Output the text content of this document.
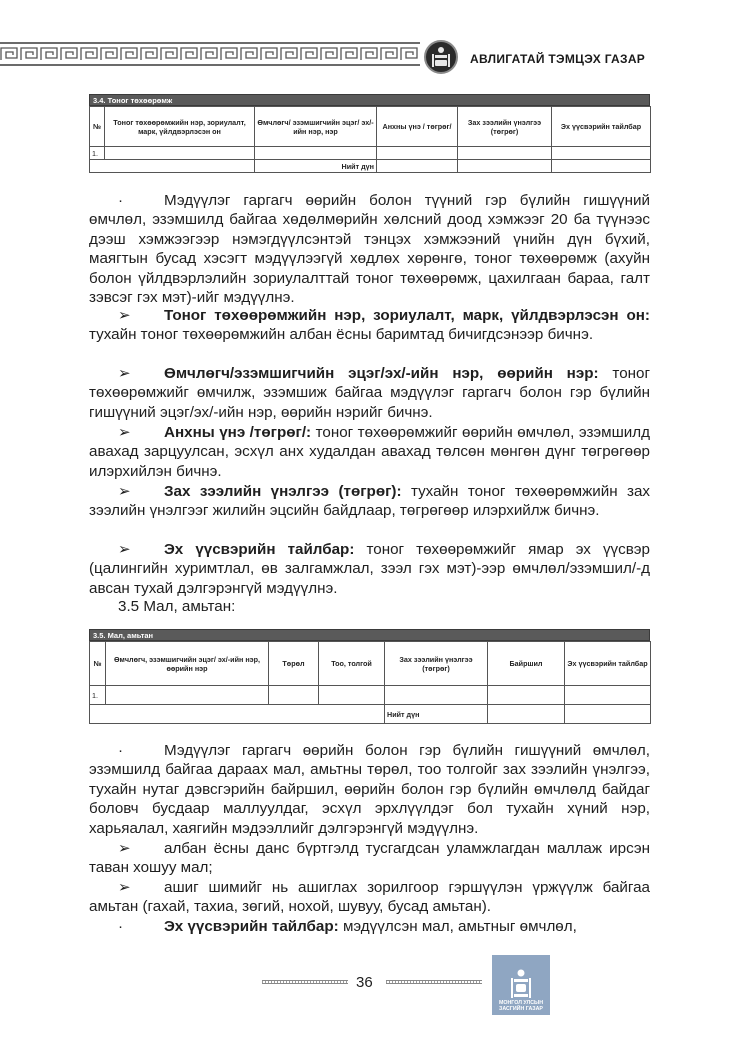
АВЛИГАТАЙ ТЭМЦЭХ ГАЗАР
3.4. Тоног төхөөрөмж
№	Тоног төхөөрөмжийн нэр, зориулалт, марк, үйлдвэрлэсэн он	Өмчлөгч/ эзэмшигчийн эцэг/ эх/-ийн нэр, нэр	Анхны үнэ / төгрөг/	Зах зээлийн үнэлгээ (төгрөг)	Эх үүсвэрийн тайлбар
1.					
		Нийт дүн			
·	Мэдүүлэг гаргагч өөрийн болон түүний гэр бүлийн гишүүний өмчлөл, эзэмшилд байгаа хөдөлмөрийн хөлсний доод хэмжээг 20 ба түүнээс дээш хэмжээгээр нэмэгдүүлсэнтэй тэнцэх хэмжээний үнийн дүн бүхий, маягтын бусад хэсэгт мэдүүлээгүй хөдлөх хөрөнгө, тоног төхөөрөмж (ахуйн болон үйлдвэрлэлийн зориулалттай тоног төхөөрөмж, цахилгаан бараа, галт зэвсэг гэх мэт)-ийг мэдүүлнэ.
➢ Тоног төхөөрөмжийн нэр, зориулалт, марк, үйлдвэрлэсэн он: тухайн тоног төхөөрөмжийн албан ёсны баримтад бичигдсэнээр бичнэ.
➢ Өмчлөгч/эзэмшигчийн эцэг/эх/-ийн нэр, өөрийн нэр: тоног төхөөрөмжийг өмчилж, эзэмшиж байгаа мэдүүлэг гаргагч болон гэр бүлийн гишүүний эцэг/эх/-ийн нэр, өөрийн нэрийг бичнэ.
➢ Анхны үнэ /төгрөг/: тоног төхөөрөмжийг өөрийн өмчлөл, эзэмшилд авахад зарцуулсан, эсхүл анх худалдан авахад төлсөн мөнгөн дүнг төгрөгөөр илэрхийлэн бичнэ.
➢ Зах зээлийн үнэлгээ (төгрөг): тухайн тоног төхөөрөмжийн зах зээлийн үнэлгээг жилийн эцсийн байдлаар, төгрөгөөр илэрхийлж бичнэ.
➢ Эх үүсвэрийн тайлбар: тоног төхөөрөмжийг ямар эх үүсвэр (цалингийн хуримтлал, өв залгамжлал, зээл гэх мэт)-ээр өмчлөл/эзэмшил/-д авсан тухай дэлгэрэнгүй мэдүүлнэ.
3.5 Мал, амьтан:
3.5. Мал, амьтан
№	Өмчлөгч, эзэмшигчийн эцэг/ эх/-ийн нэр, өөрийн нэр	Төрөл	Тоо, толгой	Зах зээлийн үнэлгээ (төгрөг)	Байршил	Эх үүсвэрийн тайлбар
1.						
				Нийт дүн		
·	Мэдүүлэг гаргагч өөрийн болон гэр бүлийн гишүүний өмчлөл, эзэмшилд байгаа дараах мал, амьтны төрөл, тоо толгойг зах зээлийн үнэлгээ, тухайн нутаг дэвсгэрийн байршил, өөрийн болон гэр бүлийн өмчлөлд байдаг боловч бусдаар маллуулдаг, эсхүл эрхлүүлдэг бол тухайн хүний нэр, харьяалал, хаягийн мэдээллийг дэлгэрэнгүй мэдүүлнэ.
➢ албан ёсны данс бүртгэлд тусгагдсан уламжлагдан маллаж ирсэн таван хошуу мал;
➢ ашиг шимийг нь ашиглах зорилгоор гэршүүлэн үржүүлж байгаа амьтан (гахай, тахиа, зөгий, нохой, шувуу, бусад амьтан).
·	Эх үүсвэрийн тайлбар: мэдүүлсэн мал, амьтныг өмчлөл,
36
МОНГОЛ УЛСЫН
ЗАСГИЙН ГАЗАР
